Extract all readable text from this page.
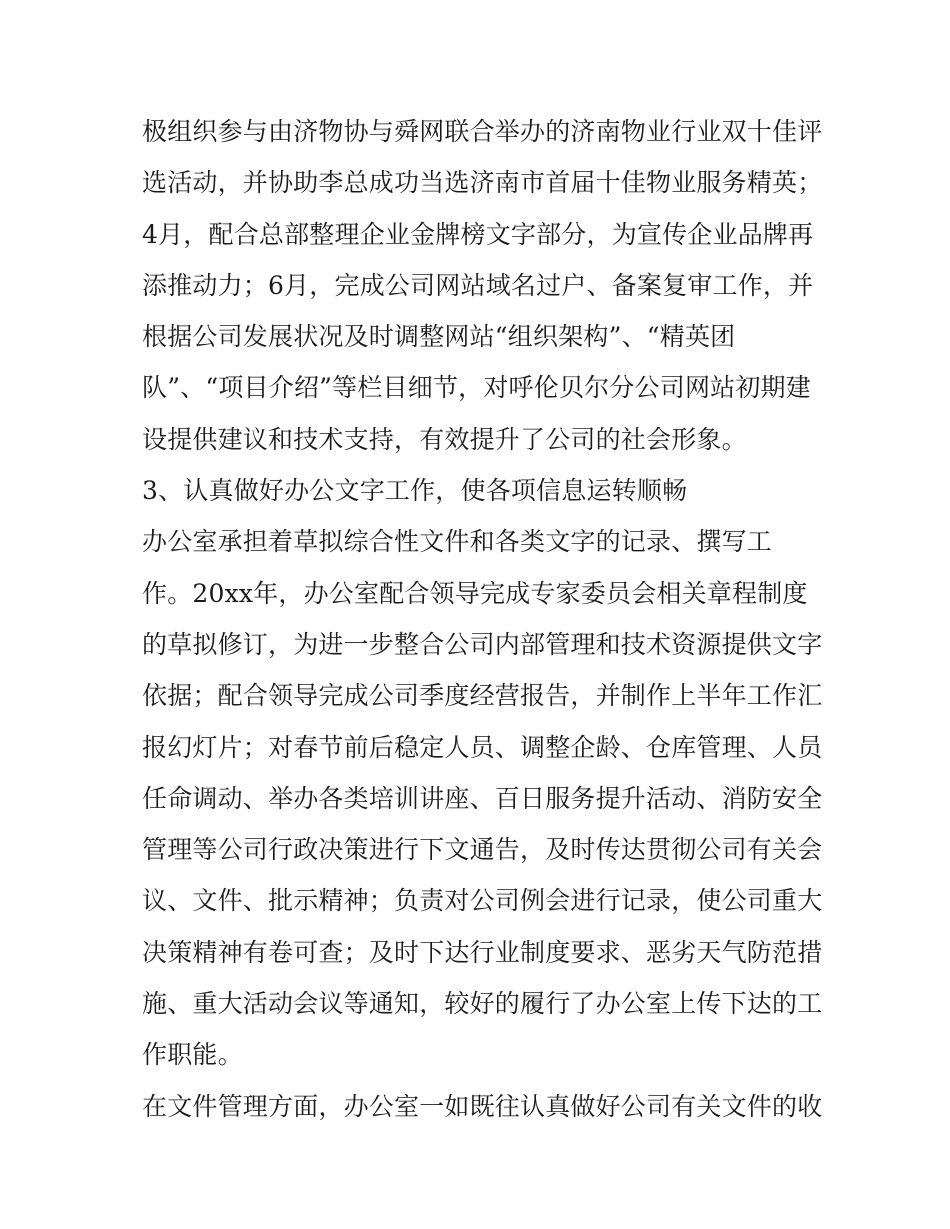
极组织参与由济物协与舜网联合举办的济南物业行业双十佳评
选活动，并协助李总成功当选济南市首届十佳物业服务精英；
4月，配合总部整理企业金牌榜文字部分，为宣传企业品牌再
添推动力；6月，完成公司网站域名过户、备案复审工作，并
根据公司发展状况及时调整网站“组织架构”、“精英团
队”、“项目介绍”等栏目细节，对呼伦贝尔分公司网站初期建
设提供建议和技术支持，有效提升了公司的社会形象。
3、认真做好办公文字工作，使各项信息运转顺畅
办公室承担着草拟综合性文件和各类文字的记录、撰写工
作。20xx年，办公室配合领导完成专家委员会相关章程制度
的草拟修订，为进一步整合公司内部管理和技术资源提供文字
依据；配合领导完成公司季度经营报告，并制作上半年工作汇
报幻灯片；对春节前后稳定人员、调整企龄、仓库管理、人员
任命调动、举办各类培训讲座、百日服务提升活动、消防安全
管理等公司行政决策进行下文通告，及时传达贯彻公司有关会
议、文件、批示精神；负责对公司例会进行记录，使公司重大
决策精神有卷可查；及时下达行业制度要求、恶劣天气防范措
施、重大活动会议等通知，较好的履行了办公室上传下达的工
作职能。
在文件管理方面，办公室一如既往认真做好公司有关文件的收
